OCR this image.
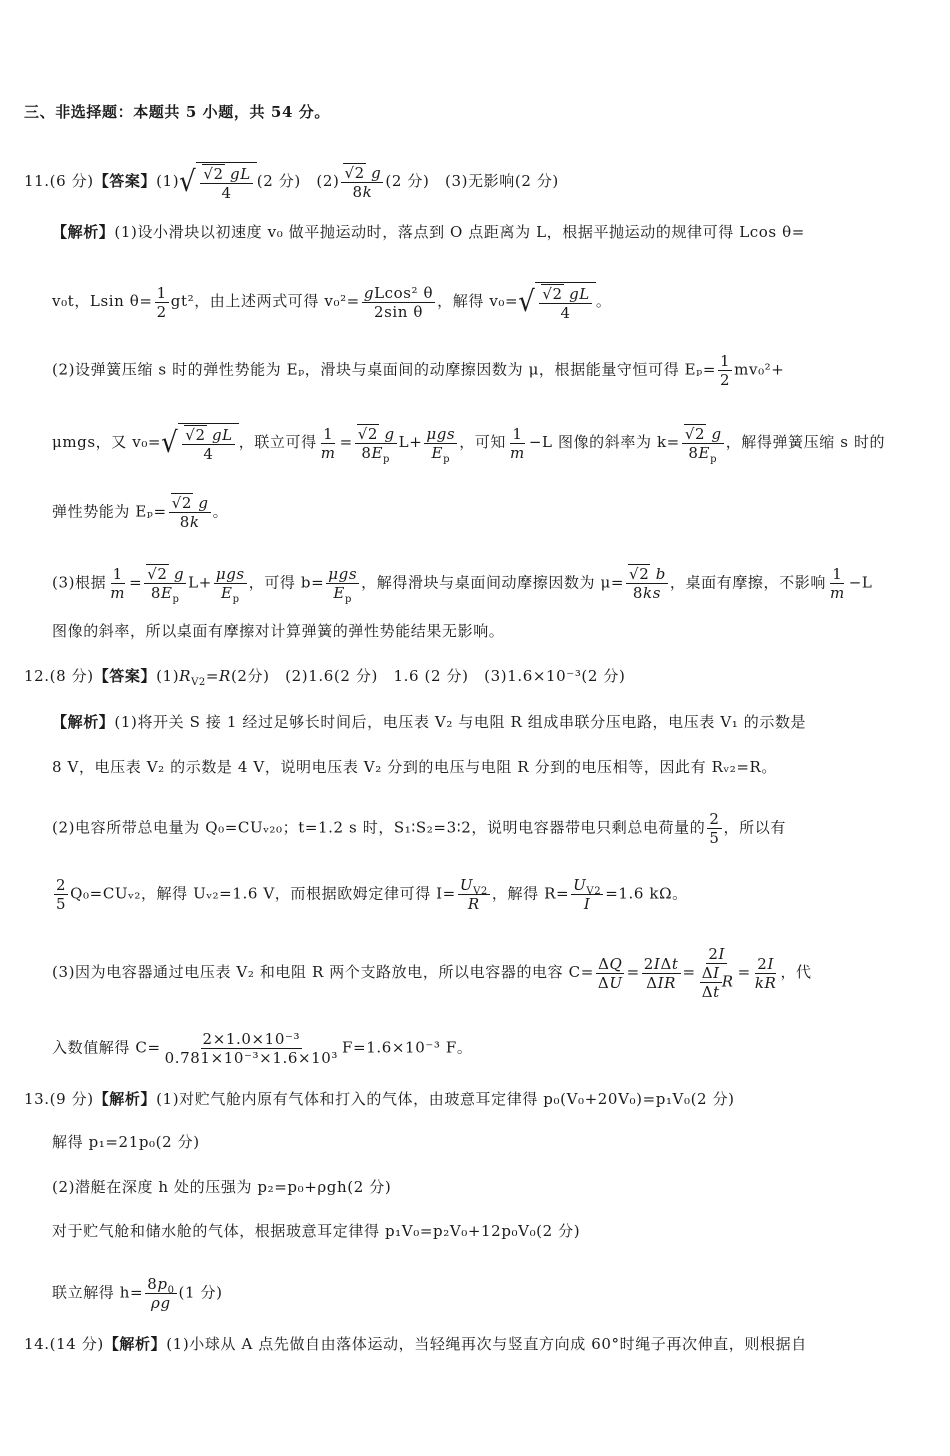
三、非选择题：本题共 5 小题，共 54 分。
11.(6 分)【答案】(1) √ $\frac{√2 gL}{4} (2$ 分)　 $(2) \frac{√2 g}{8k} (2$ 分)　 (3)无影响(2 分)
【解析】(1)设小滑块以初速度 v₀ 做平抛运动时，落点到 O 点距离为 L，根据平抛运动的规律可得 Lcos θ=
v₀t，Lsin $\theta= \frac{1}{2} gt^2$，由上述两式可得 $v_0^2= \frac{\text{gLcos² θ}}{\text{2sin θ}}$ ，解得 v₀= √ $\frac{√2 gL}{4}$ 。
(2)设弹簧压缩 s 时的弹性势能为 Eₚ，滑块与桌面间的动摩擦因数为 μ，根据能量守恒可得 $E_p= \frac{1}{2} mv_0^2+$
μmgs，又 v₀= √ $\frac{√2 gL}{4}$ ，联立可得 $\frac{1}{m} = \frac{√2 g}{8E_p} L+ \frac{\text{μgs}}{E_p}$ ，可知 $\frac{1}{m} -L$ 图像的斜率为 $k= \frac{√2 g}{8E_p}$ ，解得弹簧压缩 s 时的
弹性势能为 $E_p= \frac{√2 g}{8k}$ 。
(3)根据 $\frac{1}{m} = \frac{√2 g}{8E_p} L+ \frac{\text{μgs}}{E_p}$ ，可得 $b= \frac{\text{μgs}}{E_p}$ ，解得滑块与桌面间动摩擦因数为 $\mu= \frac{√2 b}{8ks}$ ，桌面有摩擦，不影响 $\frac{1}{m} -L$
图像的斜率，所以桌面有摩擦对计算弹簧的弹性势能结果无影响。
12.(8 分)【答案】$(1)R_{V2}=R(2$分)　(2)1.6(2 分)　1.6 (2 分)　(3)1.6×10⁻³(2 分)
【解析】(1)将开关 S 接 1 经过足够长时间后，电压表 V₂ 与电阻 R 组成串联分压电路，电压表 V₁ 的示数是
8 V，电压表 V₂ 的示数是 4 V，说明电压表 V₂ 分到的电压与电阻 R 分到的电压相等，因此有 Rᵥ₂=R。
(2)电容所带总电量为 Q₀=CUᵥ₂₀；t=1.2 s 时，S₁∶S₂=3∶2，说明电容器带电只剩总电荷量的 $\frac{2}{5}$ ，所以有
$\frac{2}{5}$ Q₀=CUᵥ₂，解得 Uᵥ₂=1.6 V，而根据欧姆定律可得 $I= \frac{U_{V2}}{R}$ ，解得 $R= \frac{U_{V2}}{I} =1.6$ kΩ。
(3)因为电容器通过电压表 V₂ 和电阻 R 两个支路放电，所以电容器的电容 $C= \frac{\Delta Q}{\Delta U} = \frac{\text{2IΔt}}{\text{ΔIR}} = \frac{2I}{\frac{\Delta I}{\Delta t} R} = \frac{2I}{kR}$ ，代
入数值解得 $C= \frac{\text{2×1.0×10⁻³}}{\text{0.781×10⁻³×1.6×10³}} F=1.6\times 10^{-3}$ F。
13.(9 分)【解析】(1)对贮气舱内原有气体和打入的气体，由玻意耳定律得 p₀(V₀+20V₀)=p₁V₀(2 分)
解得 p₁=21p₀(2 分)
(2)潜艇在深度 h 处的压强为 p₂=p₀+ρgh(2 分)
对于贮气舱和储水舱的气体，根据玻意耳定律得 p₁V₀=p₂V₀+12p₀V₀(2 分)
联立解得 $h= \frac{8p_0}{\rho g} (1$ 分)
14.(14 分)【解析】(1)小球从 A 点先做自由落体运动，当轻绳再次与竖直方向成 60°时绳子再次伸直，则根据自
